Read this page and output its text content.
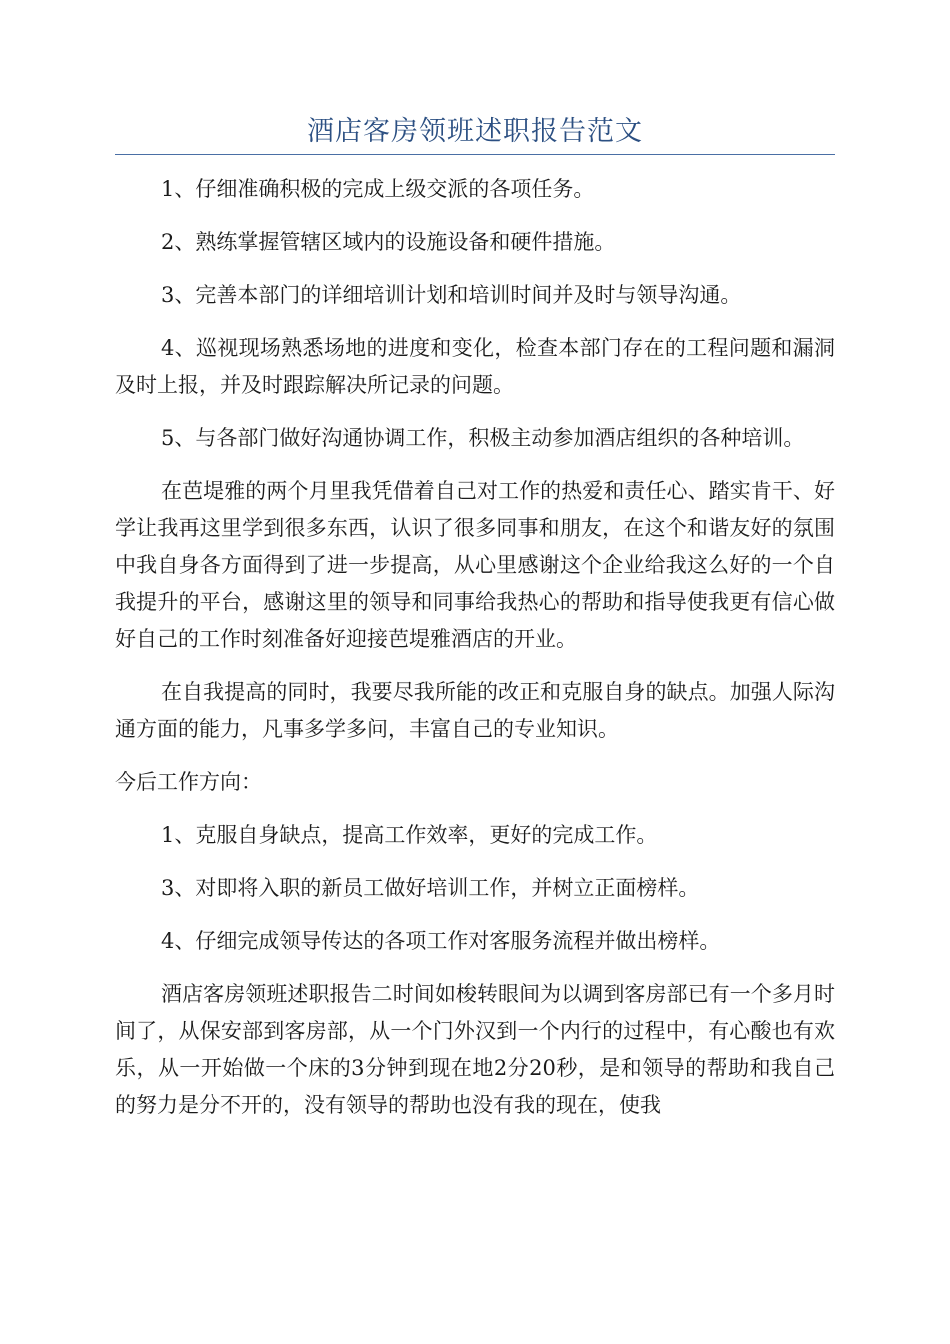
酒店客房领班述职报告范文

1、仔细准确积极的完成上级交派的各项任务。

2、熟练掌握管辖区域内的设施设备和硬件措施。

3、完善本部门的详细培训计划和培训时间并及时与领导沟通。

4、巡视现场熟悉场地的进度和变化，检查本部门存在的工程问题和漏洞及时上报，并及时跟踪解决所记录的问题。

5、与各部门做好沟通协调工作，积极主动参加酒店组织的各种培训。

在芭堤雅的两个月里我凭借着自己对工作的热爱和责任心、踏实肯干、好学让我再这里学到很多东西，认识了很多同事和朋友，在这个和谐友好的氛围中我自身各方面得到了进一步提高，从心里感谢这个企业给我这么好的一个自我提升的平台，感谢这里的领导和同事给我热心的帮助和指导使我更有信心做好自己的工作时刻准备好迎接芭堤雅酒店的开业。

在自我提高的同时，我要尽我所能的改正和克服自身的缺点。加强人际沟通方面的能力，凡事多学多问，丰富自己的专业知识。

今后工作方向：

1、克服自身缺点，提高工作效率，更好的完成工作。

3、对即将入职的新员工做好培训工作，并树立正面榜样。

4、仔细完成领导传达的各项工作对客服务流程并做出榜样。

酒店客房领班述职报告二时间如梭转眼间为以调到客房部已有一个多月时间了，从保安部到客房部，从一个门外汉到一个内行的过程中，有心酸也有欢乐，从一开始做一个床的3分钟到现在地2分20秒，是和领导的帮助和我自己的努力是分不开的，没有领导的帮助也没有我的现在，使我
